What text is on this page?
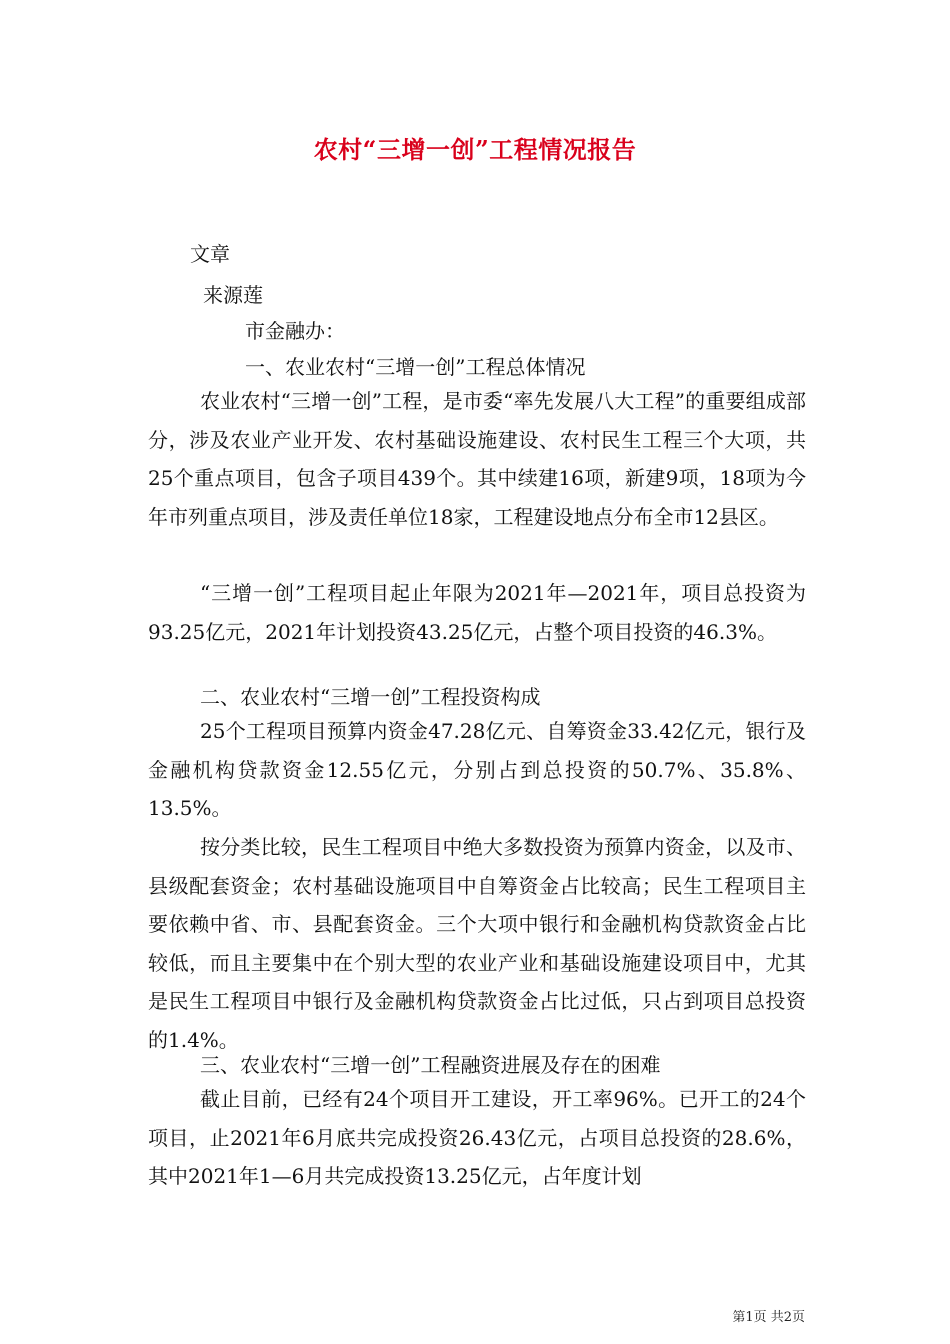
农村“三增一创”工程情况报告
文章
来源莲
市金融办：
一、农业农村“三增一创”工程总体情况
农业农村“三增一创”工程，是市委“率先发展八大工程”的重要组成部分，涉及农业产业开发、农村基础设施建设、农村民生工程三个大项，共25个重点项目，包含子项目439个。其中续建16项，新建9项，18项为今年市列重点项目，涉及责任单位18家，工程建设地点分布全市12县区。
“三增一创”工程项目起止年限为2021年—2021年，项目总投资为93.25亿元，2021年计划投资43.25亿元，占整个项目投资的46.3%。
二、农业农村“三增一创”工程投资构成
25个工程项目预算内资金47.28亿元、自筹资金33.42亿元，银行及金融机构贷款资金12.55亿元，分别占到总投资的50.7%、35.8%、13.5%。
按分类比较，民生工程项目中绝大多数投资为预算内资金，以及市、县级配套资金；农村基础设施项目中自筹资金占比较高；民生工程项目主要依赖中省、市、县配套资金。三个大项中银行和金融机构贷款资金占比较低，而且主要集中在个别大型的农业产业和基础设施建设项目中，尤其是民生工程项目中银行及金融机构贷款资金占比过低，只占到项目总投资的1.4%。
三、农业农村“三增一创”工程融资进展及存在的困难
截止目前，已经有24个项目开工建设，开工率96%。已开工的24个项目，止2021年6月底共完成投资26.43亿元，占项目总投资的28.6%，其中2021年1—6月共完成投资13.25亿元，占年度计划
第1页 共2页
